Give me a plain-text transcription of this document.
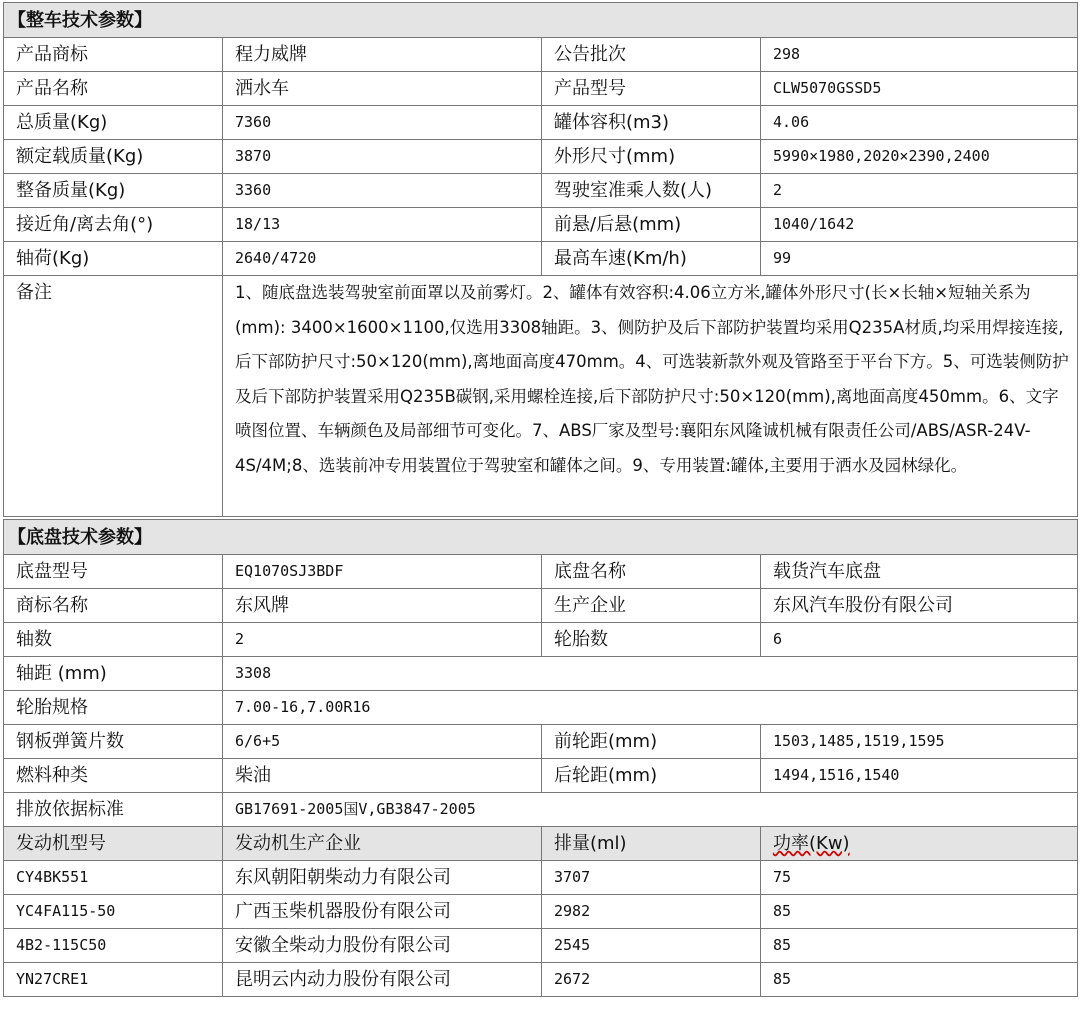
【整车技术参数】			
产品商标	程力威牌	公告批次	298
产品名称	洒水车	产品型号	CLW5070GSSD5
总质量(Kg)	7360	罐体容积(m3)	4.06
额定载质量(Kg)	3870	外形尺寸(mm)	5990×1980,2020×2390,2400
整备质量(Kg)	3360	驾驶室准乘人数(人)	2
接近角/离去角(°)	18/13	前悬/后悬(mm)	1040/1642
轴荷(Kg)	2640/4720	最高车速(Km/h)	99
备注	1、随底盘选装驾驶室前面罩以及前雾灯。2、罐体有效容积:4.06立方米,罐体外形尺寸(长×长轴×短轴关系为(mm): 3400×1600×1100,仅选用3308轴距。3、侧防护及后下部防护装置均采用Q235A材质,均采用焊接连接,后下部防护尺寸:50×120(mm),离地面高度470mm。4、可选装新款外观及管路至于平台下方。5、可选装侧防护及后下部防护装置采用Q235B碳钢,采用螺栓连接,后下部防护尺寸:50×120(mm),离地面高度450mm。6、文字喷图位置、车辆颜色及局部细节可变化。7、ABS厂家及型号:襄阳东风隆诚机械有限责任公司/ABS/ASR-24V-4S/4M;8、选装前冲专用装置位于驾驶室和罐体之间。9、专用装置:罐体,主要用于洒水及园林绿化。		
【底盘技术参数】			
底盘型号	EQ1070SJ3BDF	底盘名称	载货汽车底盘
商标名称	东风牌	生产企业	东风汽车股份有限公司
轴数	2	轮胎数	6
轴距 (mm)	3308		
轮胎规格	7.00-16,7.00R16		
钢板弹簧片数	6/6+5	前轮距(mm)	1503,1485,1519,1595
燃料种类	柴油	后轮距(mm)	1494,1516,1540
排放依据标准	GB17691-2005国V,GB3847-2005		
发动机型号	发动机生产企业	排量(ml)	功率(Kw)
CY4BK551	东风朝阳朝柴动力有限公司	3707	75
YC4FA115-50	广西玉柴机器股份有限公司	2982	85
4B2-115C50	安徽全柴动力股份有限公司	2545	85
YN27CRE1	昆明云内动力股份有限公司	2672	85
